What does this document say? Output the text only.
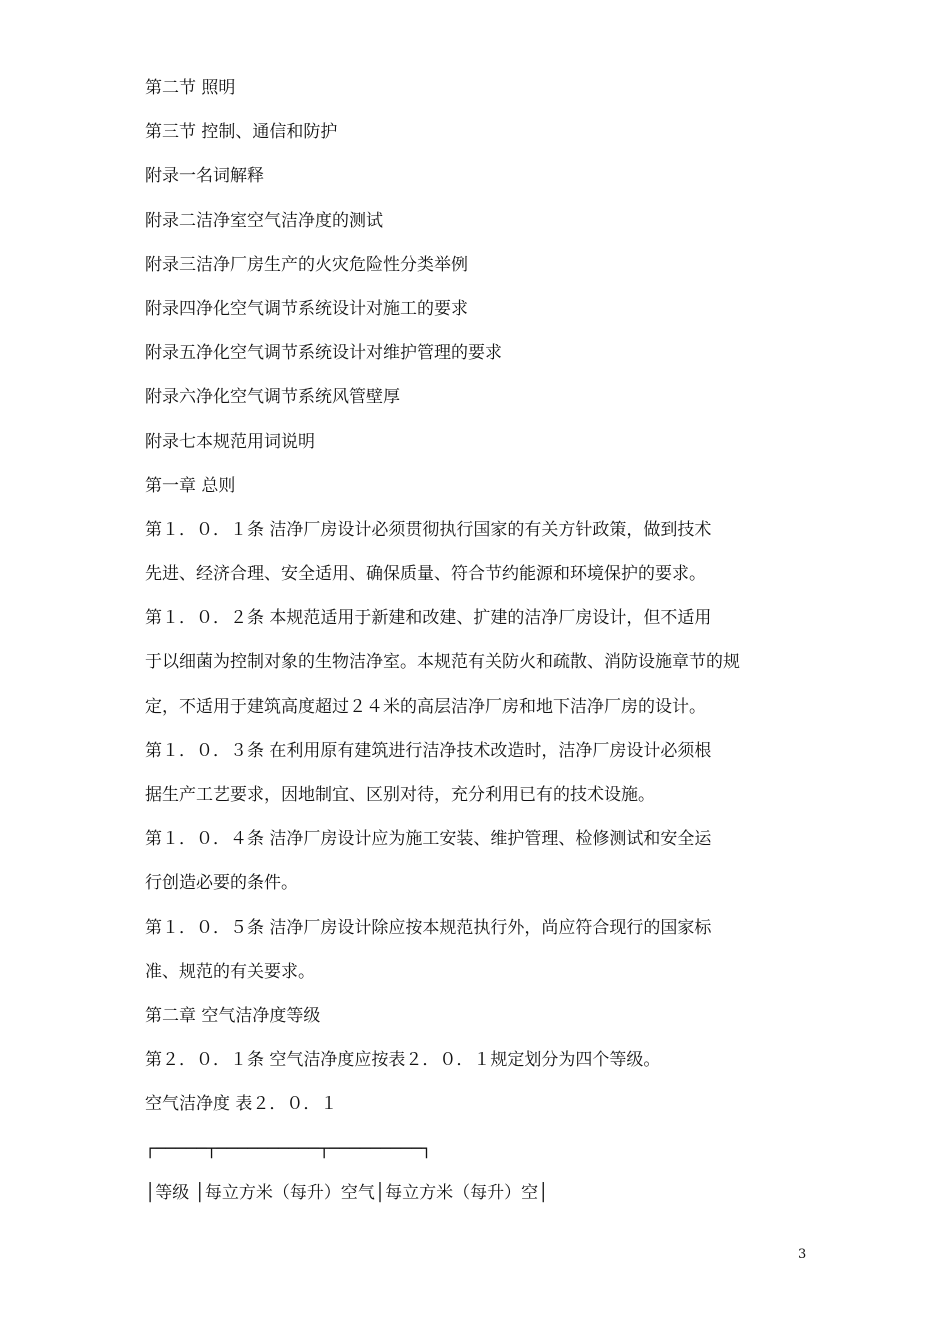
第二节 照明
第三节 控制、通信和防护
附录一名词解释
附录二洁净室空气洁净度的测试
附录三洁净厂房生产的火灾危险性分类举例
附录四净化空气调节系统设计对施工的要求
附录五净化空气调节系统设计对维护管理的要求
附录六净化空气调节系统风管壁厚
附录七本规范用词说明
第一章 总则
第１．０．１条 洁净厂房设计必须贯彻执行国家的有关方针政策，做到技术
先进、经济合理、安全适用、确保质量、符合节约能源和环境保护的要求。
第１．０．２条 本规范适用于新建和改建、扩建的洁净厂房设计，但不适用
于以细菌为控制对象的生物洁净室。本规范有关防火和疏散、消防设施章节的规
定，不适用于建筑高度超过２４米的高层洁净厂房和地下洁净厂房的设计。
第１．０．３条 在利用原有建筑进行洁净技术改造时，洁净厂房设计必须根
据生产工艺要求，因地制宜、区别对待，充分利用已有的技术设施。
第１．０．４条 洁净厂房设计应为施工安装、维护管理、检修测试和安全运
行创造必要的条件。
第１．０．５条 洁净厂房设计除应按本规范执行外，尚应符合现行的国家标
准、规范的有关要求。
第二章 空气洁净度等级
第２．０．１条 空气洁净度应按表２．０．１规定划分为四个等级。
空气洁净度 表２．０．１
┌─────┬──────────┬─────────┐
│等级 │每立方米（每升）空气│每立方米（每升）空│
3
